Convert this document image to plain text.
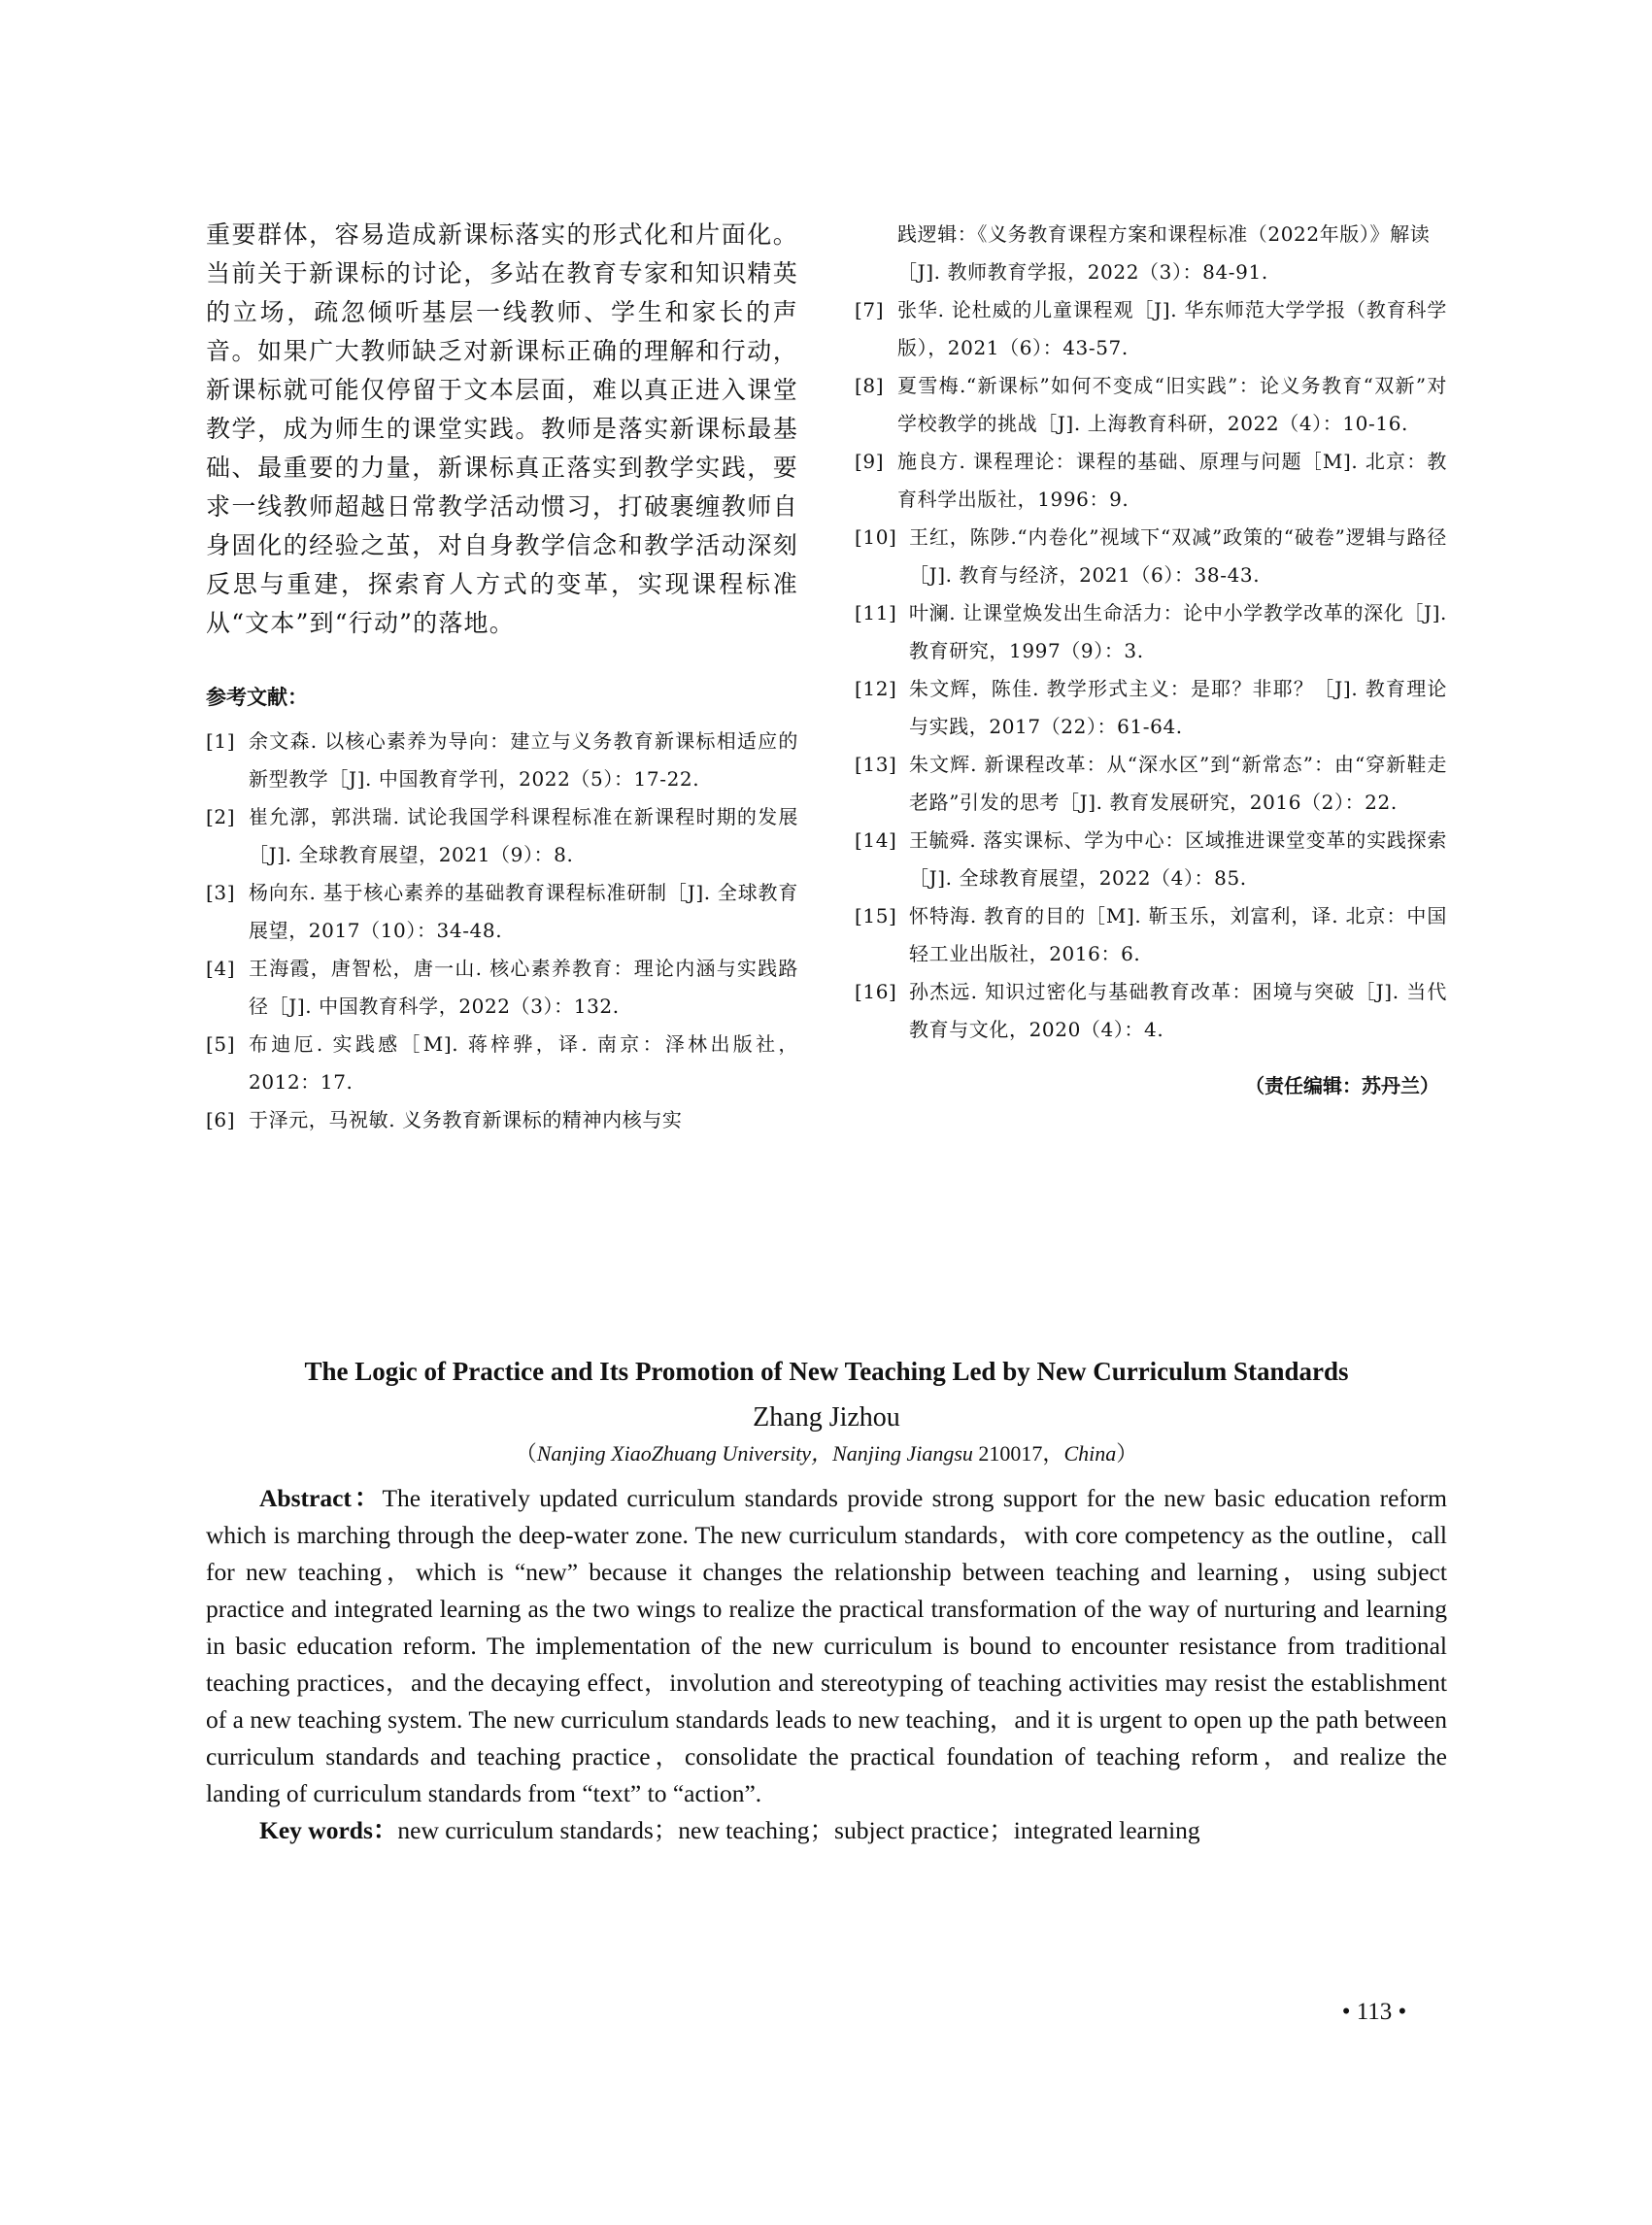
重要群体，容易造成新课标落实的形式化和片面化。当前关于新课标的讨论，多站在教育专家和知识精英的立场，疏忽倾听基层一线教师、学生和家长的声音。如果广大教师缺乏对新课标正确的理解和行动，新课标就可能仅停留于文本层面，难以真正进入课堂教学，成为师生的课堂实践。教师是落实新课标最基础、最重要的力量，新课标真正落实到教学实践，要求一线教师超越日常教学活动惯习，打破裹缠教师自身固化的经验之茧，对自身教学信念和教学活动深刻反思与重建，探索育人方式的变革，实现课程标准从“文本”到“行动”的落地。

参考文献：
[1] 余文森. 以核心素养为导向：建立与义务教育新课标相适应的新型教学［J]. 中国教育学刊，2022（5）：17-22.
[2] 崔允漷，郭洪瑞. 试论我国学科课程标准在新课程时期的发展［J]. 全球教育展望，2021（9）：8.
[3] 杨向东. 基于核心素养的基础教育课程标准研制［J]. 全球教育展望，2017（10）：34-48.
[4] 王海霞，唐智松，唐一山. 核心素养教育：理论内涵与实践路径［J]. 中国教育科学，2022（3）：132.
[5] 布迪厄. 实践感［M]. 蒋梓骅，译. 南京：泽林出版社，2012：17.
[6] 于泽元，马祝敏. 义务教育新课标的精神内核与实
践逻辑：《义务教育课程方案和课程标准（2022年版）》解读［J]. 教师教育学报，2022（3）：84-91.
[7] 张华. 论杜威的儿童课程观［J]. 华东师范大学学报（教育科学版），2021（6）：43-57.
[8] 夏雪梅.“新课标”如何不变成“旧实践”：论义务教育“双新”对学校教学的挑战［J]. 上海教育科研，2022（4）：10-16.
[9] 施良方. 课程理论：课程的基础、原理与问题［M]. 北京：教育科学出版社，1996：9.
[10] 王红，陈陟.“内卷化”视域下“双减”政策的“破卷”逻辑与路径［J]. 教育与经济，2021（6）：38-43.
[11] 叶澜. 让课堂焕发出生命活力：论中小学教学改革的深化［J]. 教育研究，1997（9）：3.
[12] 朱文辉，陈佳. 教学形式主义：是耶？非耶？［J]. 教育理论与实践，2017（22）：61-64.
[13] 朱文辉. 新课程改革：从“深水区”到“新常态”：由“穿新鞋走老路”引发的思考［J]. 教育发展研究，2016（2）：22.
[14] 王毓舜. 落实课标、学为中心：区域推进课堂变革的实践探索［J]. 全球教育展望，2022（4）：85.
[15] 怀特海. 教育的目的［M]. 靳玉乐，刘富利，译. 北京：中国轻工业出版社，2016：6.
[16] 孙杰远. 知识过密化与基础教育改革：困境与突破［J]. 当代教育与文化，2020（4）：4.
（责任编辑：苏丹兰）
The Logic of Practice and Its Promotion of New Teaching Led by New Curriculum Standards
Zhang Jizhou
（Nanjing XiaoZhuang University，Nanjing Jiangsu 210017，China）

Abstract：The iteratively updated curriculum standards provide strong support for the new basic education reform which is marching through the deep-water zone. The new curriculum standards，with core competency as the outline，call for new teaching，which is “new” because it changes the relationship between teaching and learning，using subject practice and integrated learning as the two wings to realize the practical transformation of the way of nurturing and learning in basic education reform. The implementation of the new curriculum is bound to encounter resistance from traditional teaching practices，and the decaying effect，involution and stereotyping of teaching activities may resist the establishment of a new teaching system. The new curriculum standards leads to new teaching，and it is urgent to open up the path between curriculum standards and teaching practice，consolidate the practical foundation of teaching reform，and realize the landing of curriculum standards from “text” to “action”.

Key words：new curriculum standards；new teaching；subject practice；integrated learning

• 113 •
